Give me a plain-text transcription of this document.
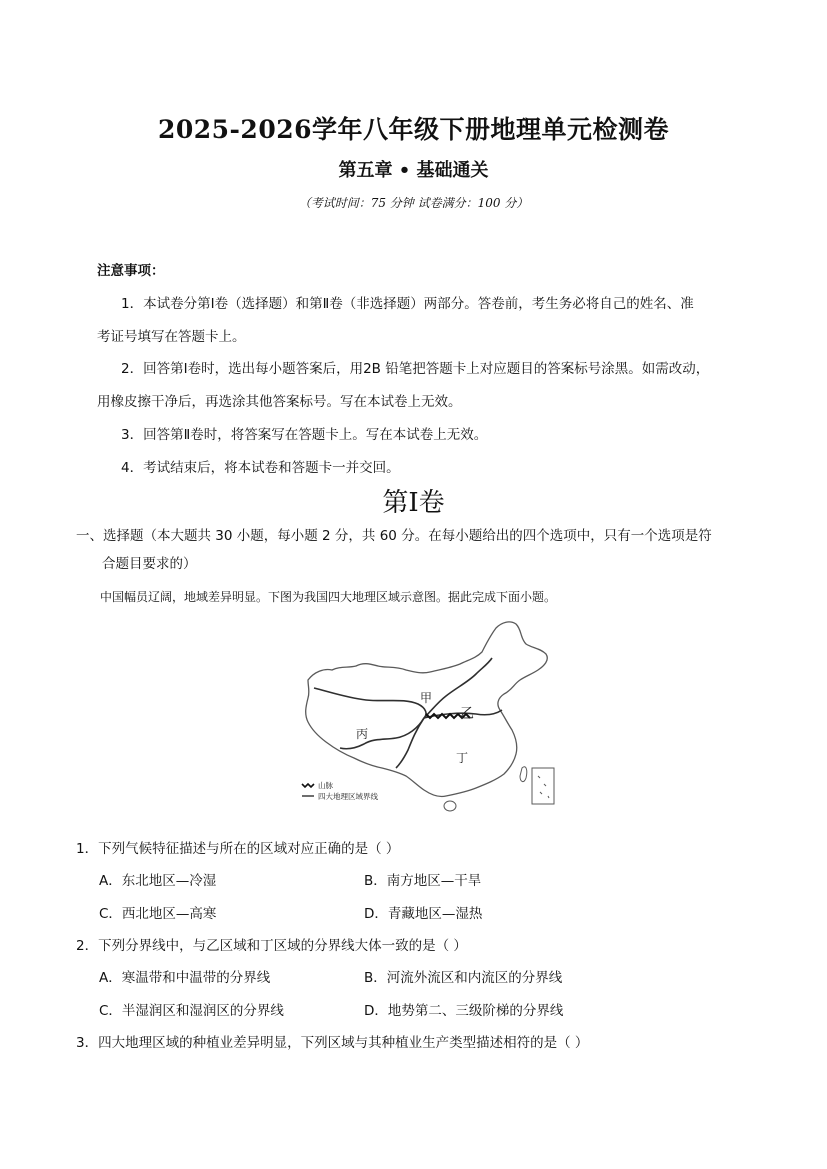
2025-2026学年八年级下册地理单元检测卷
第五章 • 基础通关
（考试时间：75 分钟 试卷满分：100 分）
注意事项：
1．本试卷分第Ⅰ卷（选择题）和第Ⅱ卷（非选择题）两部分。答卷前，考生务必将自己的姓名、准
考证号填写在答题卡上。
2．回答第Ⅰ卷时，选出每小题答案后，用2B 铅笔把答题卡上对应题目的答案标号涂黑。如需改动，
用橡皮擦干净后，再选涂其他答案标号。写在本试卷上无效。
3．回答第Ⅱ卷时，将答案写在答题卡上。写在本试卷上无效。
4．考试结束后，将本试卷和答题卡一并交回。
第Ⅰ卷
一、选择题（本大题共 30 小题，每小题 2 分，共 60 分。在每小题给出的四个选项中，只有一个选项是符
合题目要求的）
中国幅员辽阔，地域差异明显。下图为我国四大地理区域示意图。据此完成下面小题。
甲
乙
丙
丁
山脉
四大地理区域界线
1．下列气候特征描述与所在的区域对应正确的是（ ）
A．东北地区—冷湿	B．南方地区—干旱
C．西北地区—高寒	D．青藏地区—湿热
2．下列分界线中，与乙区域和丁区域的分界线大体一致的是（ ）
A．寒温带和中温带的分界线	B．河流外流区和内流区的分界线
C．半湿润区和湿润区的分界线	D．地势第二、三级阶梯的分界线
3．四大地理区域的种植业差异明显，下列区域与其种植业生产类型描述相符的是（ ）
